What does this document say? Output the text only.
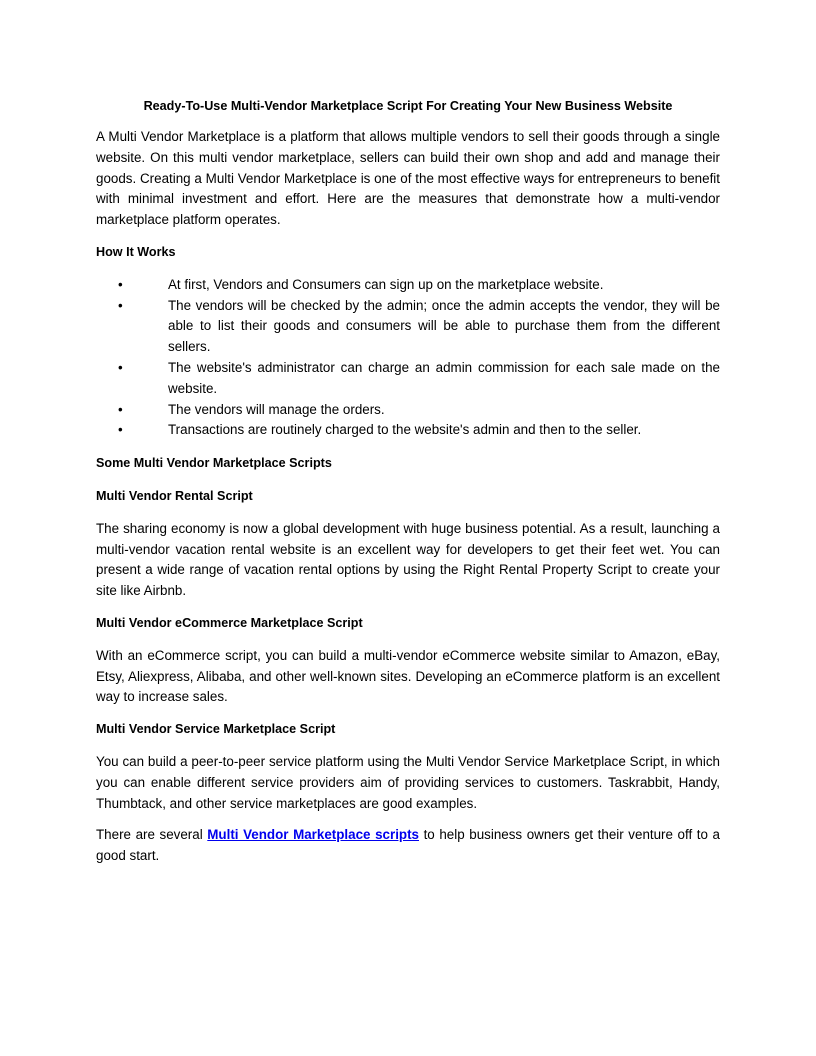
Ready-To-Use Multi-Vendor Marketplace Script For Creating Your New Business Website

A Multi Vendor Marketplace is a platform that allows multiple vendors to sell their goods through a single website. On this multi vendor marketplace, sellers can build their own shop and add and manage their goods. Creating a Multi Vendor Marketplace is one of the most effective ways for entrepreneurs to benefit with minimal investment and effort. Here are the measures that demonstrate how a multi-vendor marketplace platform operates.

How It Works
•	At first, Vendors and Consumers can sign up on the marketplace website.
•	The vendors will be checked by the admin; once the admin accepts the vendor, they will be able to list their goods and consumers will be able to purchase them from the different sellers.
•	The website's administrator can charge an admin commission for each sale made on the website.
•	The vendors will manage the orders.
•	Transactions are routinely charged to the website's admin and then to the seller.
Some Multi Vendor Marketplace Scripts
Multi Vendor Rental Script

The sharing economy is now a global development with huge business potential. As a result, launching a multi-vendor vacation rental website is an excellent way for developers to get their feet wet. You can present a wide range of vacation rental options by using the Right Rental Property Script to create your site like Airbnb.

Multi Vendor eCommerce Marketplace Script

With an eCommerce script, you can build a multi-vendor eCommerce website similar to Amazon, eBay, Etsy, Aliexpress, Alibaba, and other well-known sites. Developing an eCommerce platform is an excellent way to increase sales.

Multi Vendor Service Marketplace Script

You can build a peer-to-peer service platform using the Multi Vendor Service Marketplace Script, in which you can enable different service providers aim of providing services to customers. Taskrabbit, Handy, Thumbtack, and other service marketplaces are good examples.

There are several Multi Vendor Marketplace scripts to help business owners get their venture off to a good start.
